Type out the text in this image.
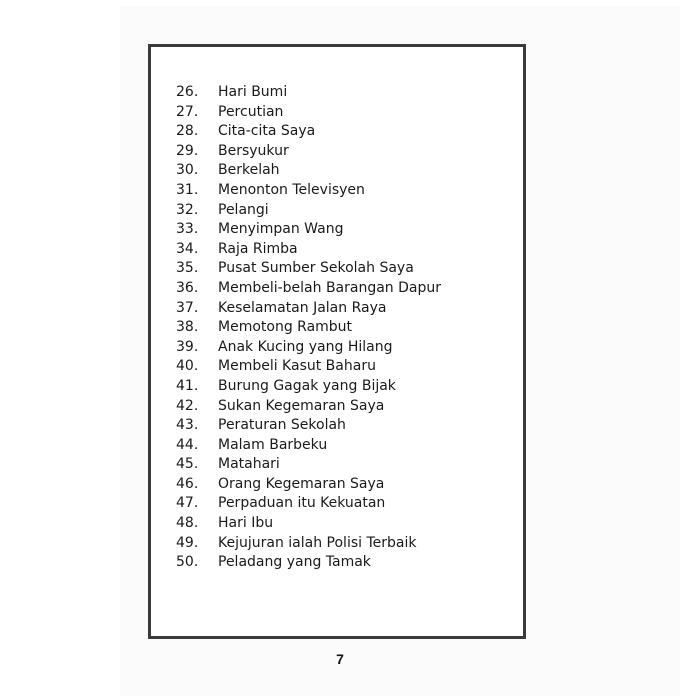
26.	Hari Bumi
27.	Percutian
28.	Cita-cita Saya
29.	Bersyukur
30.	Berkelah
31.	Menonton Televisyen
32.	Pelangi
33.	Menyimpan Wang
34.	Raja Rimba
35.	Pusat Sumber Sekolah Saya
36.	Membeli-belah Barangan Dapur
37.	Keselamatan Jalan Raya
38.	Memotong Rambut
39.	Anak Kucing yang Hilang
40.	Membeli Kasut Baharu
41.	Burung Gagak yang Bijak
42.	Sukan Kegemaran Saya
43.	Peraturan Sekolah
44.	Malam Barbeku
45.	Matahari
46.	Orang Kegemaran Saya
47.	Perpaduan itu Kekuatan
48.	Hari Ibu
49.	Kejujuran ialah Polisi Terbaik
50.	Peladang yang Tamak
7
